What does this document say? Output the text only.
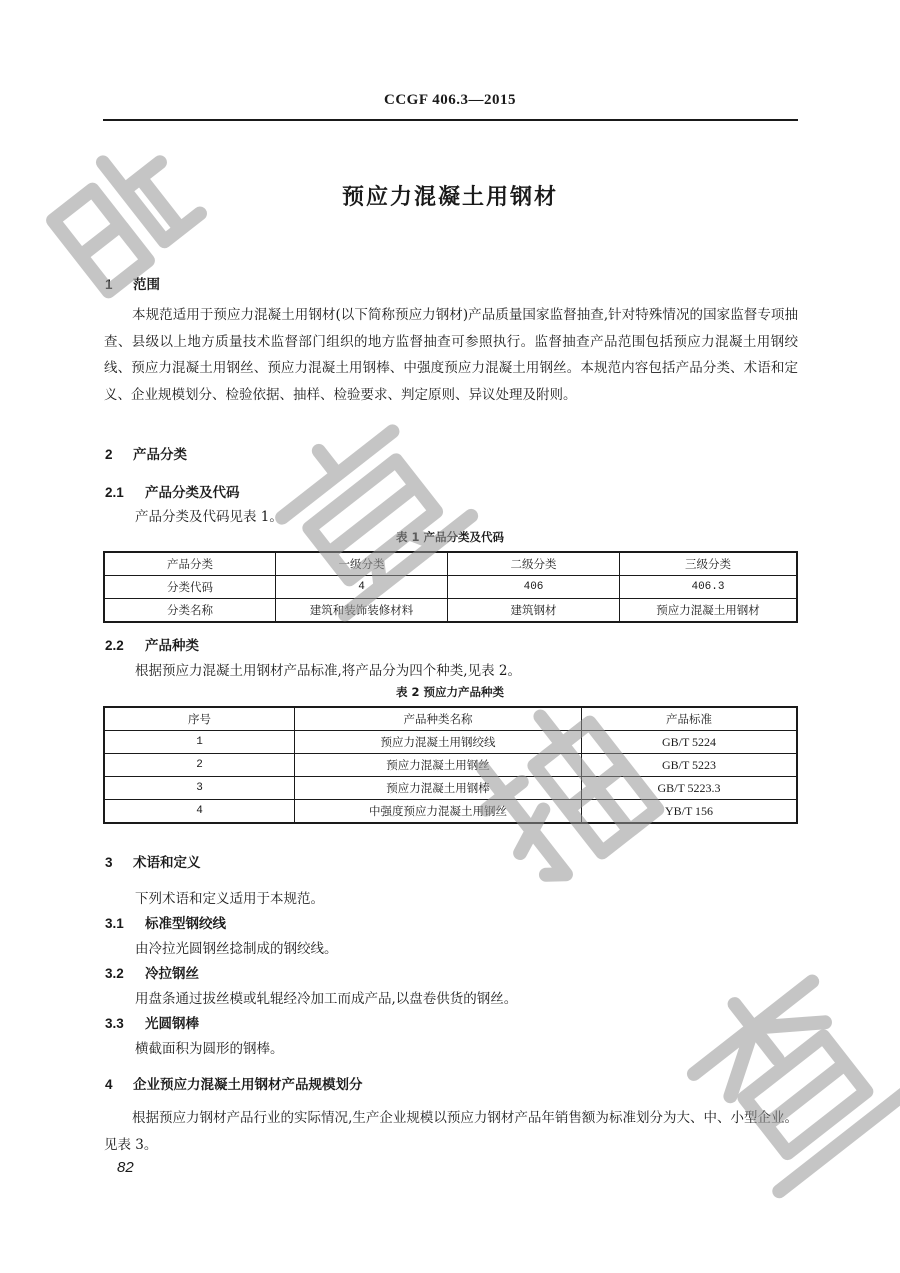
CCGF 406.3—2015
预应力混凝土用钢材
1 范围
本规范适用于预应力混凝土用钢材(以下简称预应力钢材)产品质量国家监督抽查,针对特殊情况的国家监督专项抽查、县级以上地方质量技术监督部门组织的地方监督抽查可参照执行。监督抽查产品范围包括预应力混凝土用钢绞线、预应力混凝土用钢丝、预应力混凝土用钢棒、中强度预应力混凝土用钢丝。本规范内容包括产品分类、术语和定义、企业规模划分、检验依据、抽样、检验要求、判定原则、异议处理及附则。
2 产品分类
2.1 产品分类及代码
产品分类及代码见表 1。
表 1 产品分类及代码
产品分类	一级分类	二级分类	三级分类
分类代码	4	406	406.3
分类名称	建筑和装饰装修材料	建筑钢材	预应力混凝土用钢材
2.2 产品种类
根据预应力混凝土用钢材产品标准,将产品分为四个种类,见表 2。
表 2 预应力产品种类
序号	产品种类名称	产品标准
1	预应力混凝土用钢绞线	GB/T 5224
2	预应力混凝土用钢丝	GB/T 5223
3	预应力混凝土用钢棒	GB/T 5223.3
4	中强度预应力混凝土用钢丝	YB/T 156
3 术语和定义
下列术语和定义适用于本规范。
3.1 标准型钢绞线
由冷拉光圆钢丝捻制成的钢绞线。
3.2 冷拉钢丝
用盘条通过拔丝模或轧辊经冷加工而成产品,以盘卷供货的钢丝。
3.3 光圆钢棒
横截面积为圆形的钢棒。
4 企业预应力混凝土用钢材产品规模划分
根据预应力钢材产品行业的实际情况,生产企业规模以预应力钢材产品年销售额为标准划分为大、中、小型企业。见表 3。
82
